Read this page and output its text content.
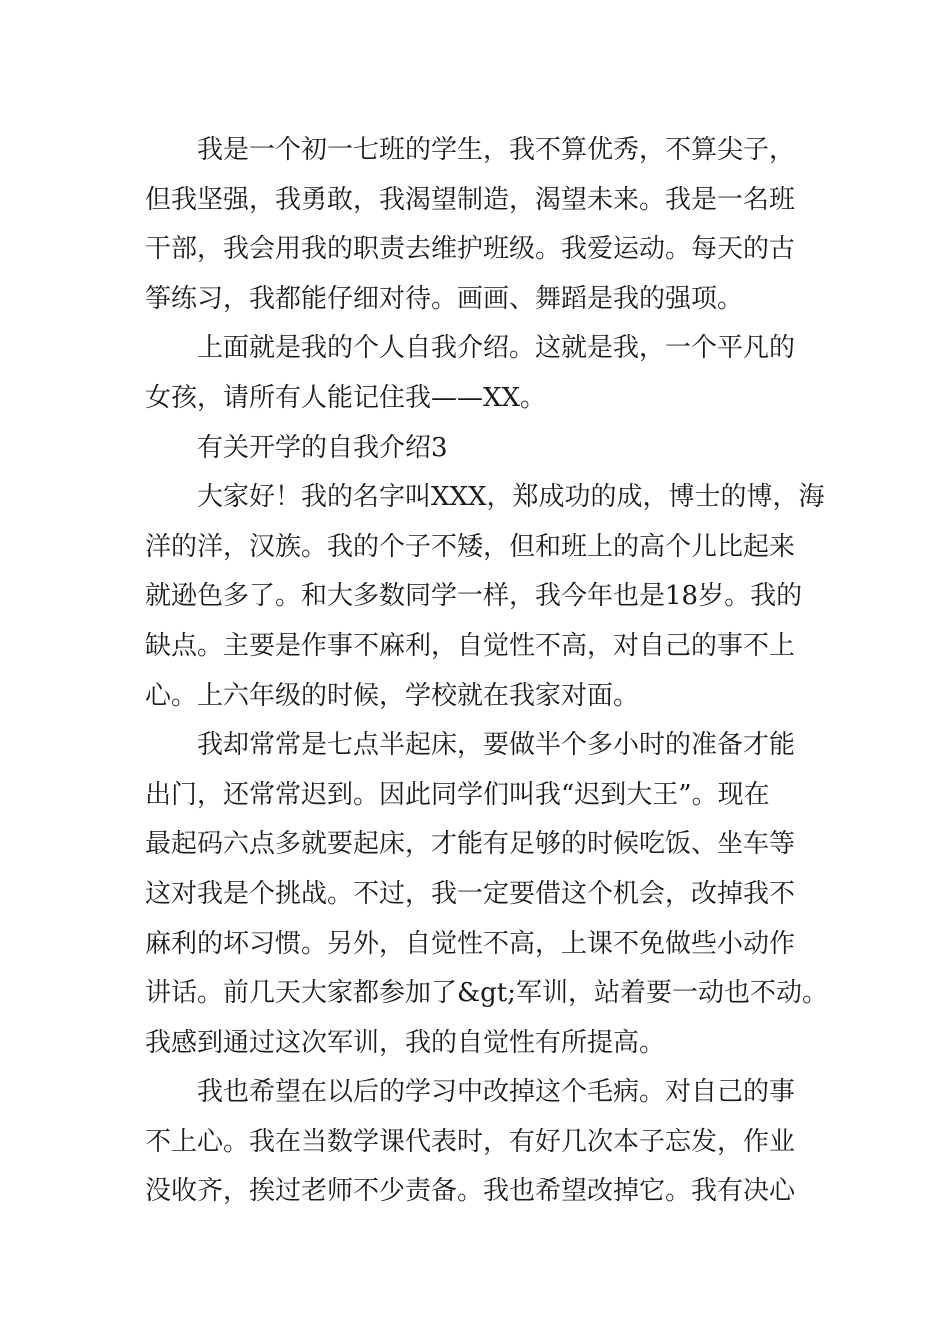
我是一个初一七班的学生，我不算优秀，不算尖子，
但我坚强，我勇敢，我渴望制造，渴望未来。我是一名班
干部，我会用我的职责去维护班级。我爱运动。每天的古
筝练习，我都能仔细对待。画画、舞蹈是我的强项。
上面就是我的个人自我介绍。这就是我，一个平凡的
女孩，请所有人能记住我——XX。
有关开学的自我介绍3
大家好！我的名字叫XXX，郑成功的成，博士的博，海
洋的洋，汉族。我的个子不矮，但和班上的高个儿比起来
就逊色多了。和大多数同学一样，我今年也是18岁。我的
缺点。主要是作事不麻利，自觉性不高，对自己的事不上
心。上六年级的时候，学校就在我家对面。
我却常常是七点半起床，要做半个多小时的准备才能
出门，还常常迟到。因此同学们叫我“迟到大王”。现在
最起码六点多就要起床，才能有足够的时候吃饭、坐车等
这对我是个挑战。不过，我一定要借这个机会，改掉我不
麻利的坏习惯。另外，自觉性不高，上课不免做些小动作
讲话。前几天大家都参加了&gt;军训，站着要一动也不动。
我感到通过这次军训，我的自觉性有所提高。
我也希望在以后的学习中改掉这个毛病。对自己的事
不上心。我在当数学课代表时，有好几次本子忘发，作业
没收齐，挨过老师不少责备。我也希望改掉它。我有决心
